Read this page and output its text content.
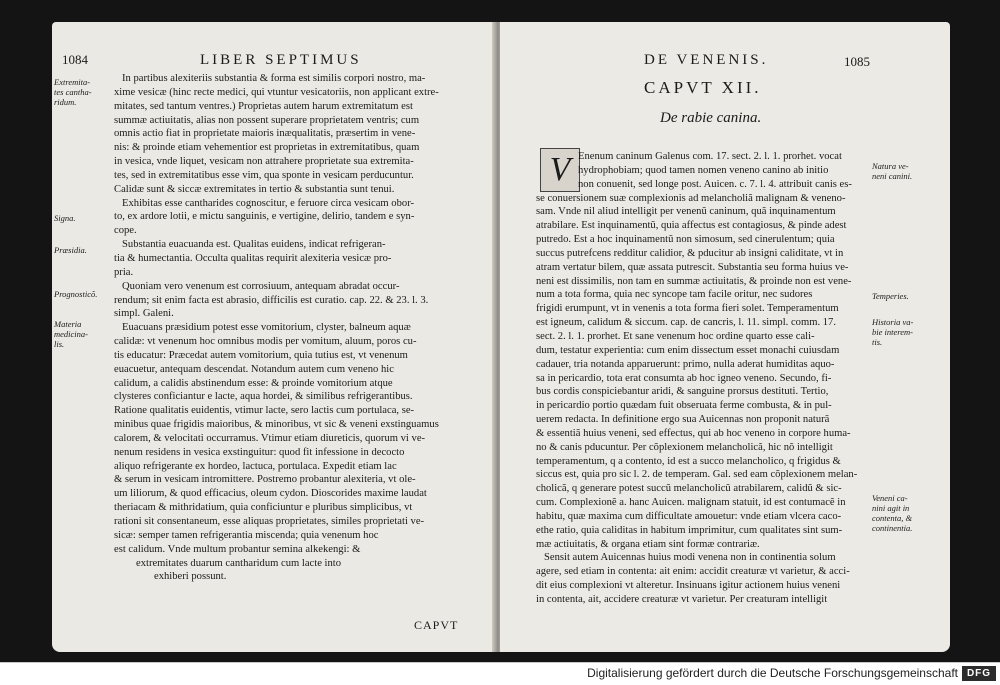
1084	LIBER SEPTIMUS
Extremita-
tes cantha-
ridum.
Signa.
Præsidia.
Prognosticõ.
Materia
medicina-
lis.
In partibus alexiteriis substantia & forma est similis corpori nostro, ma-
xime vesicæ (hinc recte medici, qui vtuntur vesicatoriis, non applicant extre-
mitates, sed tantum ventres.) Proprietas autem harum extremitatum est
summæ actiuitatis, alias non possent superare proprietatem ventris; cum
omnis actio fiat in proprietate maioris inæqualitatis, præsertim in vene-
nis: & proinde etiam vehementior est proprietas in extremitatibus, quam
in vesica, vnde liquet, vesicam non attrahere proprietate sua extremita-
tes, sed in extremitatibus esse vim, qua sponte in vesicam perducuntur.
Calidæ sunt & siccæ extremitates in tertio & substantia sunt tenui.
Exhibitas esse cantharides cognoscitur, e feruore circa vesicam obor-
to, ex ardore lotii, e mictu sanguinis, e vertigine, delirio, tandem e syn-
cope.
Substantia euacuanda est. Qualitas euidens, indicat refrigeran-
tia & humectantia. Occulta qualitas requirit alexiteria vesicæ pro-
pria.
Quoniam vero venenum est corrosiuum, antequam abradat occur-
rendum; sit enim facta est abrasio, difficilis est curatio. cap. 22. & 23. l. 3.
simpl. Galeni.
Euacuans præsidium potest esse vomitorium, clyster, balneum aquæ
calidæ: vt venenum hoc omnibus modis per vomitum, aluum, poros cu-
tis educatur: Præcedat autem vomitorium, quia tutius est, vt venenum
euacuetur, antequam descendat. Notandum autem cum veneno hic
calidum, a calidis abstinendum esse: & proinde vomitorium atque
clysteres conficiantur e lacte, aqua hordei, & similibus refrigerantibus.
Ratione qualitatis euidentis, vtimur lacte, sero lactis cum portulaca, se-
minibus quae frigidis maioribus, & minoribus, vt sic & veneni exstinguamus
calorem, & velocitati occurramus. Vtimur etiam diureticis, quorum vi ve-
nenum residens in vesica exstinguitur: quod fit infessione in decocto
aliquo refrigerante ex hordeo, lactuca, portulaca. Expedit etiam lac
& serum in vesicam intromittere. Postremo probantur alexiteria, vt ole-
um liliorum, & quod efficacius, oleum cydon. Dioscorides maxime laudat
theriacam & mithridatium, quia conficiuntur e pluribus simplicibus, vt
rationi sit consentaneum, esse aliquas proprietates, similes proprietati ve-
sicæ: semper tamen refrigerantia miscenda; quia venenum hoc
est calidum. Vnde multum probantur semina alkekengi: &
extremitates duarum cantharidum cum lacte into
exhiberi possunt.
CAPVT
DE VENENIS.	1085
CAPVT XII.
De rabie canina.
V	Natura ve-
neni canini.
Temperies.
Historia va-
bie interem-
tis.
Veneni ca-
nini agit in
contenta, &
continentia.
Enenum caninum Galenus com. 17. sect. 2. l. 1. prorhet. vocat
hydrophobiam; quod tamen nomen veneno canino ab initio
non conuenit, sed longe post. Auicen. c. 7. l. 4. attribuit canis es-
se conuersionem suæ complexionis ad melancholiã malignam & veneno-
sam. Vnde nil aliud intelligit per venenũ caninum, quã inquinamentum
atrabilare. Est inquinamentũ, quia affectus est contagiosus, & pinde adest
putredo. Est a hoc inquinamentũ non simosum, sed cinerulentum; quia
succus putrefcens redditur calidior, & pducitur ab insigni caliditate, vt in
atram vertatur bilem, quæ assata putrescit. Substantia seu forma huius ve-
neni est dissimilis, non tam en summæ actiuitatis, & proinde non est vene-
num a tota forma, quia nec syncope tam facile oritur, nec sudores
frigidi erumpunt, vt in venenis a tota forma fieri solet. Temperamentum
est igneum, calidum & siccum. cap. de cancris, l. 11. simpl. comm. 17.
sect. 2. l. 1. prorhet. Et sane venenum hoc ordine quarto esse cali-
dum, testatur experientia: cum enim dissectum esset monachi cuiusdam
cadauer, tria notanda apparuerunt: primo, nulla aderat humiditas aquo-
sa in pericardio, tota erat consumta ab hoc igneo veneno. Secundo, fi-
bus cordis conspiciebantur aridi, & sanguine prorsus destituti. Tertio,
in pericardio portio quædam fuit obseruata ferme combusta, & in pul-
uerem redacta. In definitione ergo sua Auicennas non proponit naturã
& essentiã huius veneni, sed effectus, qui ab hoc veneno in corpore huma-
no & canis pducuntur. Per cõplexionem melancholicã, hic nõ intelligit
temperamentum, q a contento, id est a succo melancholico, q frigidus &
siccus est, quia pro sic l. 2. de temperam. Gal. sed eam cõplexionem melan-
cholicã, q generare potest succũ melancholicũ atrabilarem, calidũ & sic-
cum. Complexionẽ a. hanc Auicen. malignam statuit, id est contumacẽ in
habitu, quæ maxima cum difficultate amouetur: vnde etiam vlcera caco-
ethe ratio, quia caliditas in habitum imprimitur, cum qualitates sint sum-
mæ actiuitatis, & organa etiam sint formæ contrariæ.
Sensit autem Auicennas huius modi venena non in continentia solum
agere, sed etiam in contenta: ait enim: accidit creaturæ vt varietur, & acci-
dit eius complexioni vt alteretur. Insinuans igitur actionem huius veneni
in contenta, ait, accidere creaturæ vt varietur. Per creaturam intelligit
Digitalisierung gefördert durch die Deutsche Forschungsgemeinschaft DFG
